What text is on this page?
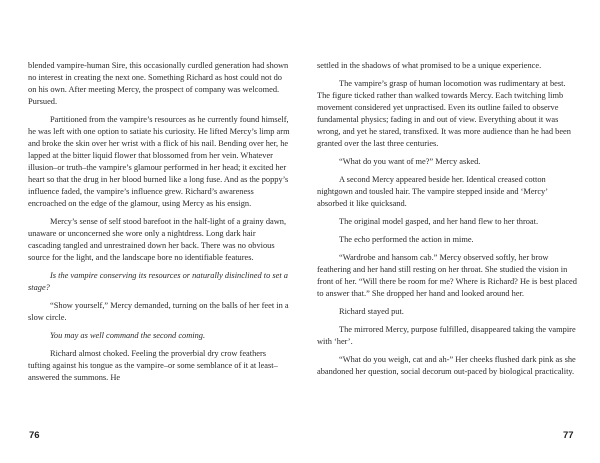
blended vampire-human Sire, this occasionally curdled generation had shown no interest in creating the next one. Something Richard as host could not do on his own. After meeting Mercy, the prospect of company was welcomed. Pursued.

Partitioned from the vampire’s resources as he currently found himself, he was left with one option to satiate his curiosity. He lifted Mercy’s limp arm and broke the skin over her wrist with a flick of his nail. Bending over her, he lapped at the bitter liquid flower that blossomed from her vein. Whatever illusion–or truth–the vampire’s glamour performed in her head; it excited her heart so that the drug in her blood burned like a long fuse. And as the poppy’s influence faded, the vampire’s influence grew. Richard’s awareness encroached on the edge of the glamour, using Mercy as his ensign.

Mercy’s sense of self stood barefoot in the half-light of a grainy dawn, unaware or unconcerned she wore only a nightdress. Long dark hair cascading tangled and unrestrained down her back. There was no obvious source for the light, and the landscape bore no identifiable features.

Is the vampire conserving its resources or naturally disinclined to set a stage?

“Show yourself,” Mercy demanded, turning on the balls of her feet in a slow circle.

You may as well command the second coming.

Richard almost choked. Feeling the proverbial dry crow feathers tufting against his tongue as the vampire–or some semblance of it at least–answered the summons. He

settled in the shadows of what promised to be a unique experience.

The vampire’s grasp of human locomotion was rudimentary at best. The figure ticked rather than walked towards Mercy. Each twitching limb movement considered yet unpractised. Even its outline failed to observe fundamental physics; fading in and out of view. Everything about it was wrong, and yet he stared, transfixed. It was more audience than he had been granted over the last three centuries.

“What do you want of me?” Mercy asked.

A second Mercy appeared beside her. Identical creased cotton nightgown and tousled hair. The vampire stepped inside and ‘Mercy’ absorbed it like quicksand.

The original model gasped, and her hand flew to her throat.

The echo performed the action in mime.

“Wardrobe and hansom cab.” Mercy observed softly, her brow feathering and her hand still resting on her throat. She studied the vision in front of her. “Will there be room for me? Where is Richard? He is best placed to answer that.” She dropped her hand and looked around her.

Richard stayed put.

The mirrored Mercy, purpose fulfilled, disappeared taking the vampire with ‘her’.

“What do you weigh, cat and ah-” Her cheeks flushed dark pink as she abandoned her question, social decorum out-paced by biological practicality.

76	77
